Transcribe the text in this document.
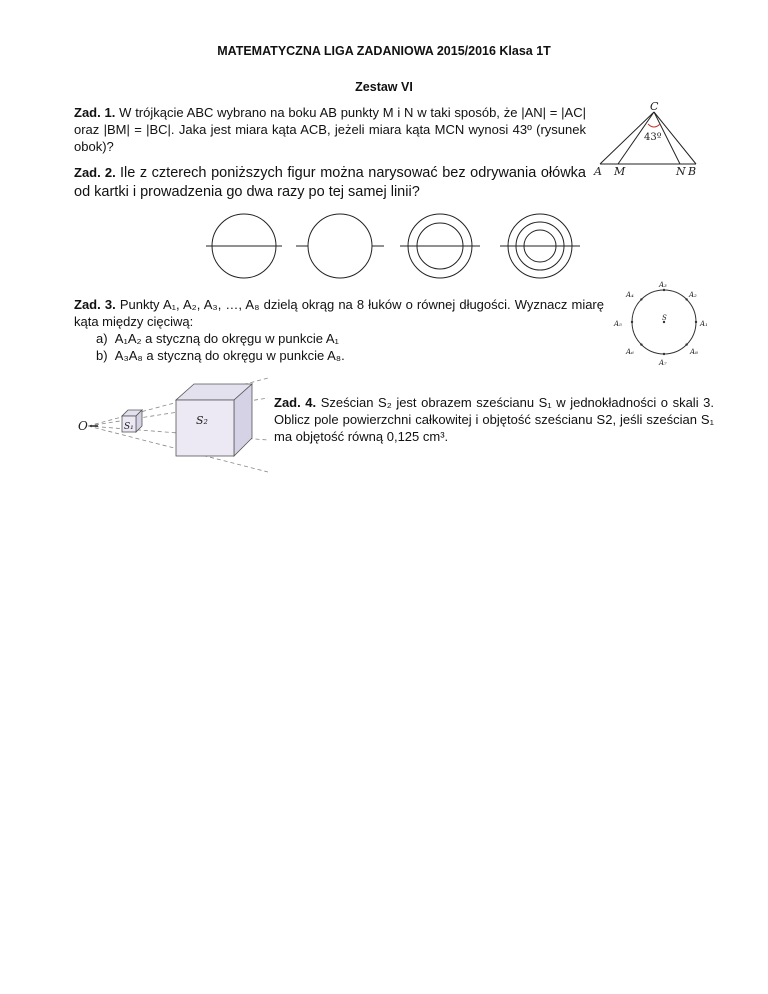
MATEMATYCZNA LIGA ZADANIOWA 2015/2016 Klasa 1T
Zestaw VI
Zad. 1. W trójkącie ABC wybrano na boku AB punkty M i N w taki sposób, że |AN| = |AC| oraz |BM| = |BC|. Jaka jest miara kąta ACB, jeżeli miara kąta MCN wynosi 43º (rysunek obok)?
C
43º
A M	N B
Zad. 2. Ile z czterech poniższych figur można narysować bez odrywania ołówka od kartki i prowadzenia go dwa razy po tej samej linii?
Zad. 3. Punkty A₁, A₂, A₃, …, A₈ dzielą okrąg na 8 łuków o równej długości. Wyznacz miarę kąta między cięciwą:
a)  A₁A₂ a styczną do okręgu w punkcie A₁
b)  A₃A₈ a styczną do okręgu w punkcie A₈.
S
A₁
A₂
A₃
A₄
A₅
A₆
A₇
A₈
O	S₁	S₂
Zad. 4. Sześcian S₂ jest obrazem sześcianu S₁ w jednokładności o skali 3. Oblicz pole powierzchni całkowitej i objętość sześcianu S2, jeśli sześcian S₁ ma objętość równą 0,125 cm³.
